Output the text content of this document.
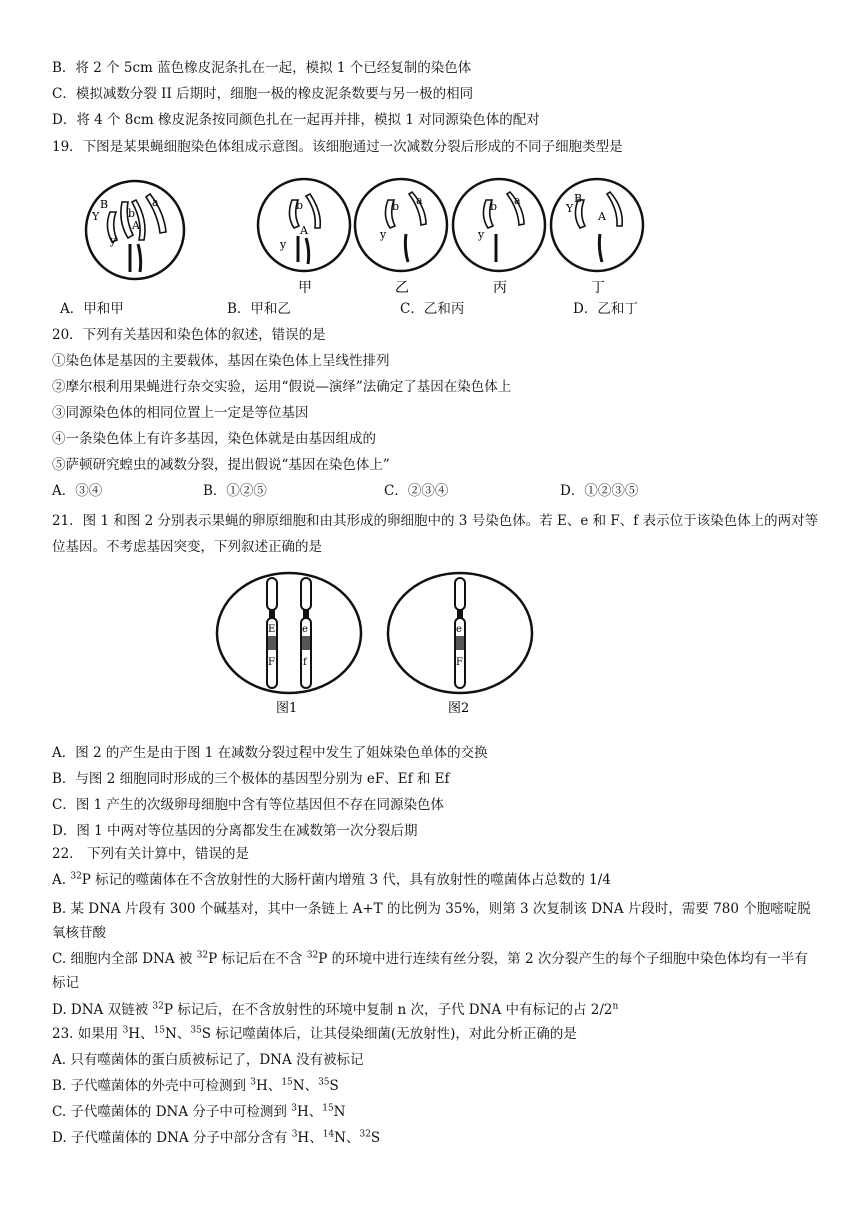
B．将 2 个 5cm 蓝色橡皮泥条扎在一起，模拟 1 个已经复制的染色体
C．模拟减数分裂 II 后期时，细胞一极的橡皮泥条数要与另一极的相同
D．将 4 个 8cm 橡皮泥条按同颜色扎在一起再并排，模拟 1 对同源染色体的配对
19．下图是某果蝇细胞染色体组成示意图。该细胞通过一次减数分裂后形成的不同子细胞类型是
Y
B
b
a
A
y	y
b
A	y
b a
y
b a
Y
B
A
甲	乙	丙	丁
A．甲和甲	B．甲和乙	C．乙和丙	D．乙和丁
20．下列有关基因和染色体的叙述，错误的是
①染色体是基因的主要载体，基因在染色体上呈线性排列
②摩尔根利用果蝇进行杂交实验，运用“假说—演绎”法确定了基因在染色体上
③同源染色体的相同位置上一定是等位基因
④一条染色体上有许多基因，染色体就是由基因组成的
⑤萨顿研究蝗虫的减数分裂，提出假说“基因在染色体上”
A．③④	B．①②⑤	C．②③④	D．①②③⑤
21．图 1 和图 2 分别表示果蝇的卵原细胞和由其形成的卵细胞中的 3 号染色体。若 E、e 和 F、f 表示位于该染色体上的两对等位基因。不考虑基因突变，下列叙述正确的是
E
F
e
f
e
F
图1	图2
A．图 2 的产生是由于图 1 在减数分裂过程中发生了姐妹染色单体的交换
B．与图 2 细胞同时形成的三个极体的基因型分别为 eF、Ef 和 Ef
C．图 1 产生的次级卵母细胞中含有等位基因但不存在同源染色体
D．图 1 中两对等位基因的分离都发生在减数第一次分裂后期
22． 下列有关计算中，错误的是
A. $^{32}$P 标记的噬菌体在不含放射性的大肠杆菌内增殖 3 代，具有放射性的噬菌体占总数的 1/4
B. 某 DNA 片段有 300 个碱基对，其中一条链上 A+T 的比例为 35%，则第 3 次复制该 DNA 片段时，需要 780 个胞嘧啶脱氧核苷酸
C. 细胞内全部 DNA 被 $^{32}$P 标记后在不含 $^{32}$P 的环境中进行连续有丝分裂，第 2 次分裂产生的每个子细胞中染色体均有一半有标记
D. DNA 双链被 $^{32}$P 标记后，在不含放射性的环境中复制 n 次，子代 DNA 中有标记的占 2/2$^n$
23. 如果用 $^3$H、$^{15}$N、$^{35}$S 标记噬菌体后，让其侵染细菌(无放射性)，对此分析正确的是
A. 只有噬菌体的蛋白质被标记了，DNA 没有被标记
B. 子代噬菌体的外壳中可检测到 $^3$H、$^{15}$N、$^{35}$S
C. 子代噬菌体的 DNA 分子中可检测到 $^3$H、$^{15}$N
D. 子代噬菌体的 DNA 分子中部分含有 $^3$H、$^{14}$N、$^{32}$S
